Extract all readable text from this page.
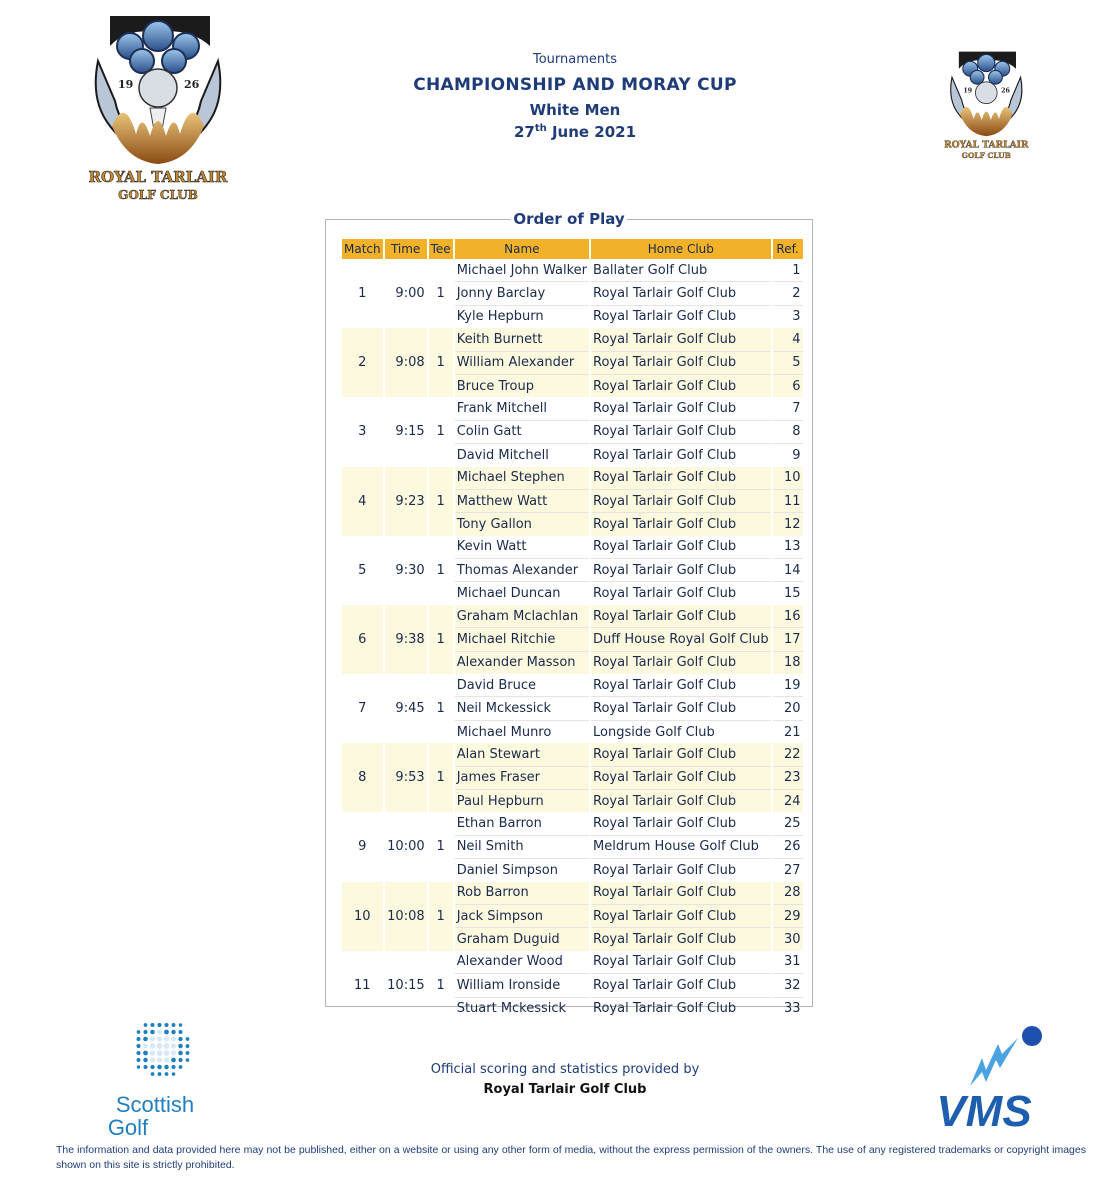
19	26
ROYAL TARLAIR
GOLF CLUB
19	26
ROYAL TARLAIR
GOLF CLUB
Tournaments
CHAMPIONSHIP AND MORAY CUP
White Men
27th June 2021
Order of Play
Match	Time	Tee	Name	Home Club	Ref.
1	9:00	1	Michael John Walker	Ballater Golf Club	1
			Jonny Barclay	Royal Tarlair Golf Club	2
			Kyle Hepburn	Royal Tarlair Golf Club	3
2	9:08	1	Keith Burnett	Royal Tarlair Golf Club	4
			William Alexander	Royal Tarlair Golf Club	5
			Bruce Troup	Royal Tarlair Golf Club	6
3	9:15	1	Frank Mitchell	Royal Tarlair Golf Club	7
			Colin Gatt	Royal Tarlair Golf Club	8
			David Mitchell	Royal Tarlair Golf Club	9
4	9:23	1	Michael Stephen	Royal Tarlair Golf Club	10
			Matthew Watt	Royal Tarlair Golf Club	11
			Tony Gallon	Royal Tarlair Golf Club	12
5	9:30	1	Kevin Watt	Royal Tarlair Golf Club	13
			Thomas Alexander	Royal Tarlair Golf Club	14
			Michael Duncan	Royal Tarlair Golf Club	15
6	9:38	1	Graham Mclachlan	Royal Tarlair Golf Club	16
			Michael Ritchie	Duff House Royal Golf Club	17
			Alexander Masson	Royal Tarlair Golf Club	18
7	9:45	1	David Bruce	Royal Tarlair Golf Club	19
			Neil Mckessick	Royal Tarlair Golf Club	20
			Michael Munro	Longside Golf Club	21
8	9:53	1	Alan Stewart	Royal Tarlair Golf Club	22
			James Fraser	Royal Tarlair Golf Club	23
			Paul Hepburn	Royal Tarlair Golf Club	24
9	10:00	1	Ethan Barron	Royal Tarlair Golf Club	25
			Neil Smith	Meldrum House Golf Club	26
			Daniel Simpson	Royal Tarlair Golf Club	27
10	10:08	1	Rob Barron	Royal Tarlair Golf Club	28
			Jack Simpson	Royal Tarlair Golf Club	29
			Graham Duguid	Royal Tarlair Golf Club	30
11	10:15	1	Alexander Wood	Royal Tarlair Golf Club	31
			William Ironside	Royal Tarlair Golf Club	32
			Stuart Mckessick	Royal Tarlair Golf Club	33
Scottish
Golf
Official scoring and statistics provided by
Royal Tarlair Golf Club	VMS
The information and data provided here may not be published, either on a website or using any other form of media, without the express permission of the owners. The use of any registered trademarks or copyright images shown on this site is strictly prohibited.
